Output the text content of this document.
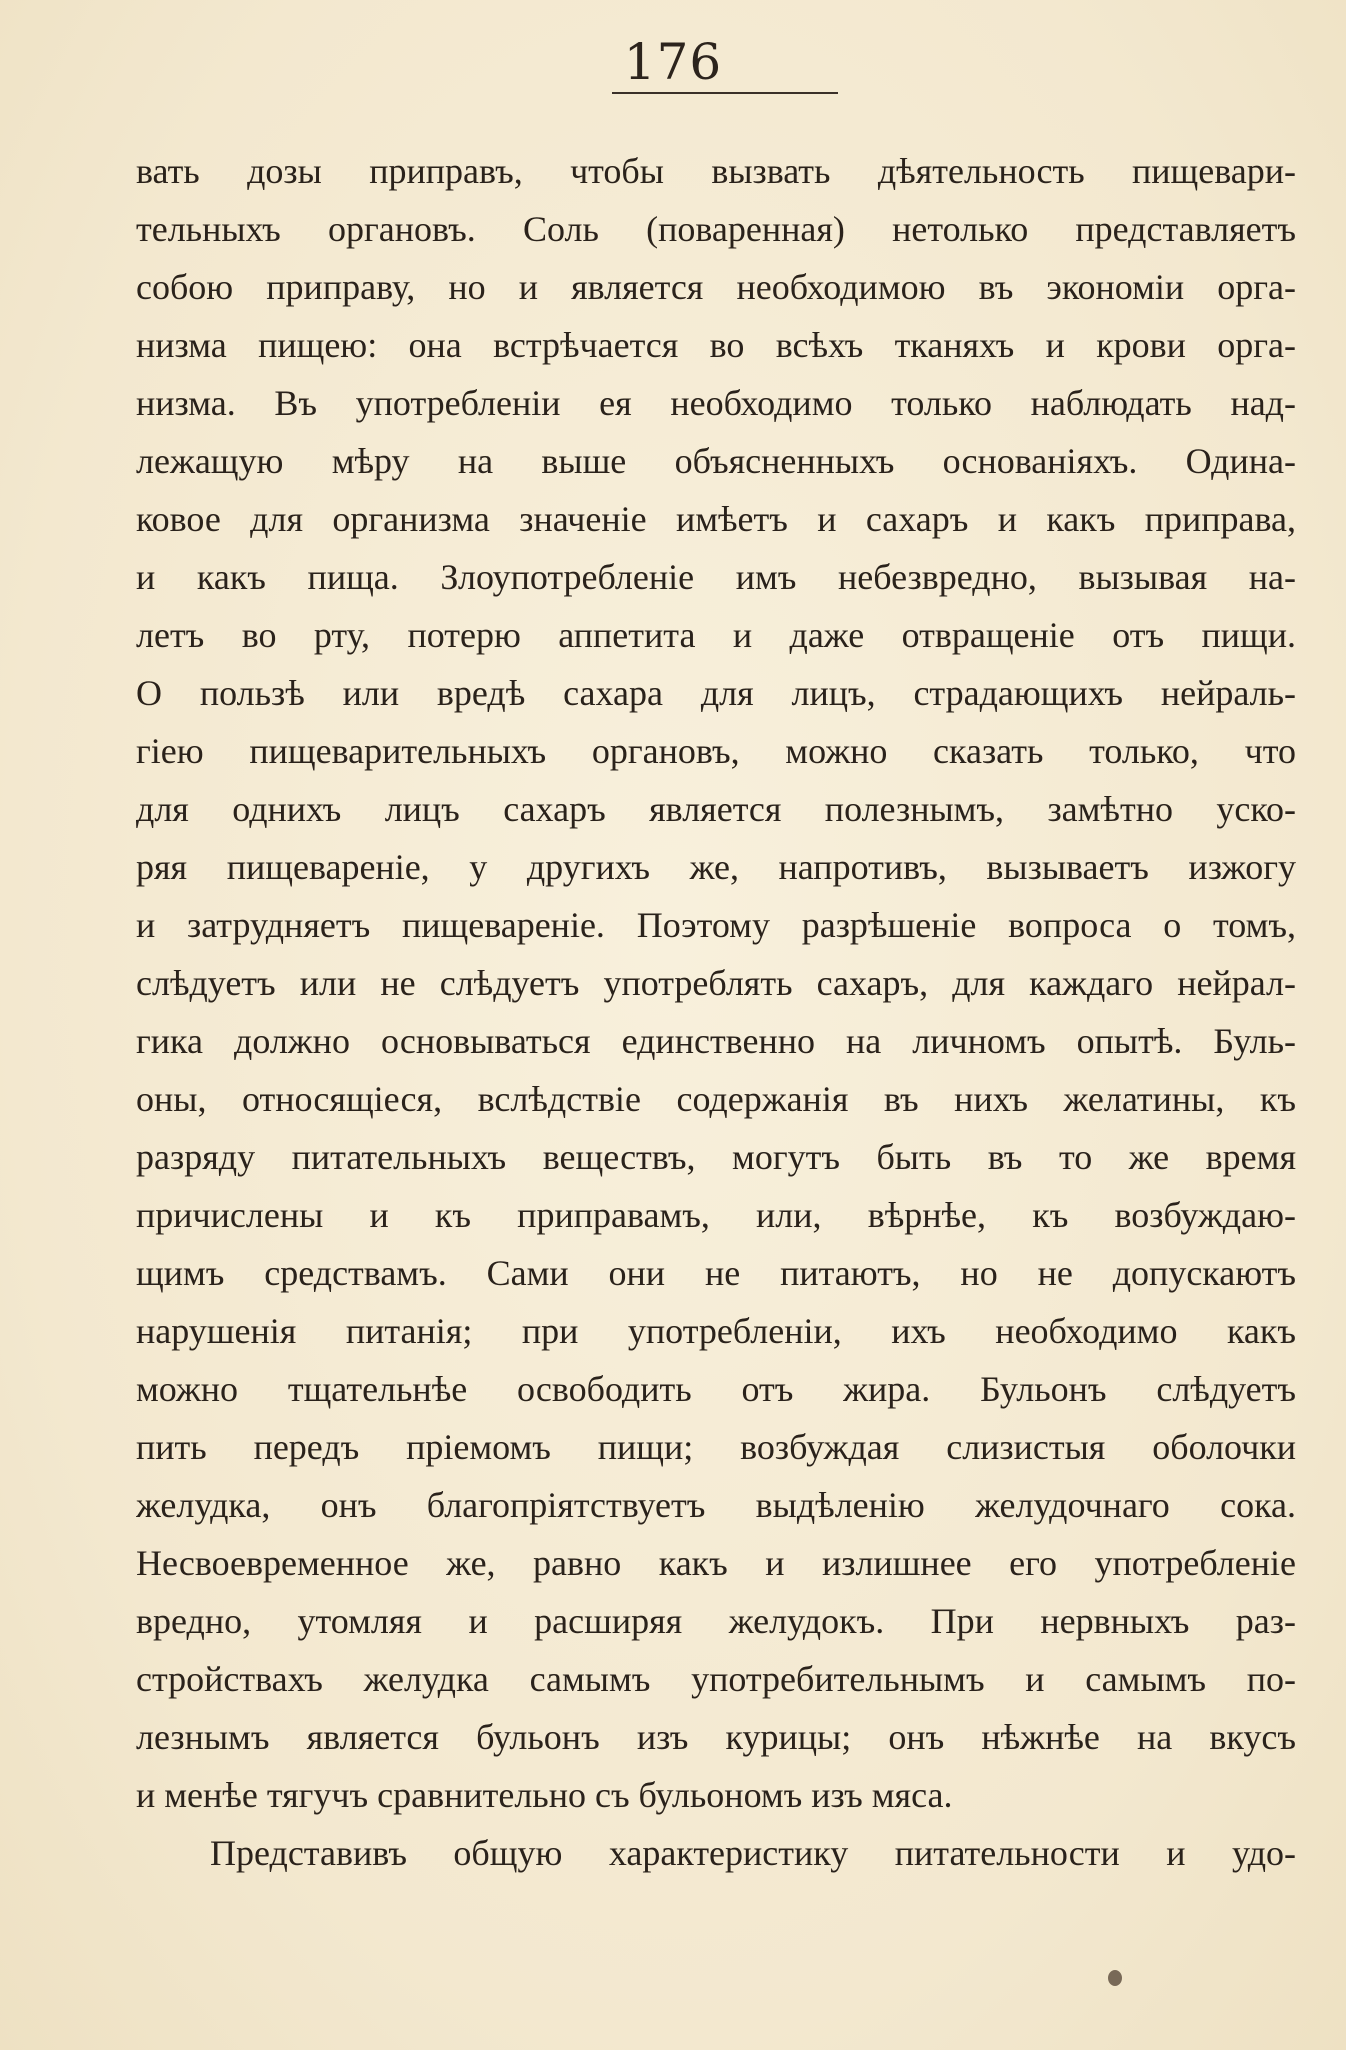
176
вать дозы приправъ, чтобы вызвать дѣятельность пищевари-
тельныхъ органовъ. Соль (поваренная) нетолько представляетъ
собою приправу, но и является необходимою въ экономіи орга-
низма пищею: она встрѣчается во всѣхъ тканяхъ и крови орга-
низма. Въ употребленіи ея необходимо только наблюдать над-
лежащую мѣру на выше объясненныхъ основаніяхъ. Одина-
ковое для организма значеніе имѣетъ и сахаръ и какъ приправа,
и какъ пища. Злоупотребленіе имъ небезвредно, вызывая на-
летъ во рту, потерю аппетита и даже отвращеніе отъ пищи.
О пользѣ или вредѣ сахара для лицъ, страдающихъ нейраль-
гіею пищеварительныхъ органовъ, можно сказать только, что
для однихъ лицъ сахаръ является полезнымъ, замѣтно уско-
ряя пищевареніе, у другихъ же, напротивъ, вызываетъ изжогу
и затрудняетъ пищевареніе. Поэтому разрѣшеніе вопроса о томъ,
слѣдуетъ или не слѣдуетъ употреблять сахаръ, для каждаго нейрал-
гика должно основываться единственно на личномъ опытѣ. Буль-
оны, относящіеся, вслѣдствіе содержанія въ нихъ желатины, къ
разряду питательныхъ веществъ, могутъ быть въ то же время
причислены и къ приправамъ, или, вѣрнѣе, къ возбуждаю-
щимъ средствамъ. Сами они не питаютъ, но не допускаютъ
нарушенія питанія; при употребленіи, ихъ необходимо какъ
можно тщательнѣе освободить отъ жира. Бульонъ слѣдуетъ
пить передъ пріемомъ пищи; возбуждая слизистыя оболочки
желудка, онъ благопріятствуетъ выдѣленію желудочнаго сока.
Несвоевременное же, равно какъ и излишнее его употребленіе
вредно, утомляя и расширяя желудокъ. При нервныхъ раз-
стройствахъ желудка самымъ употребительнымъ и самымъ по-
лезнымъ является бульонъ изъ курицы; онъ нѣжнѣе на вкусъ
и менѣе тягучъ сравнительно съ бульономъ изъ мяса.
Представивъ общую характеристику питательности и удо-
